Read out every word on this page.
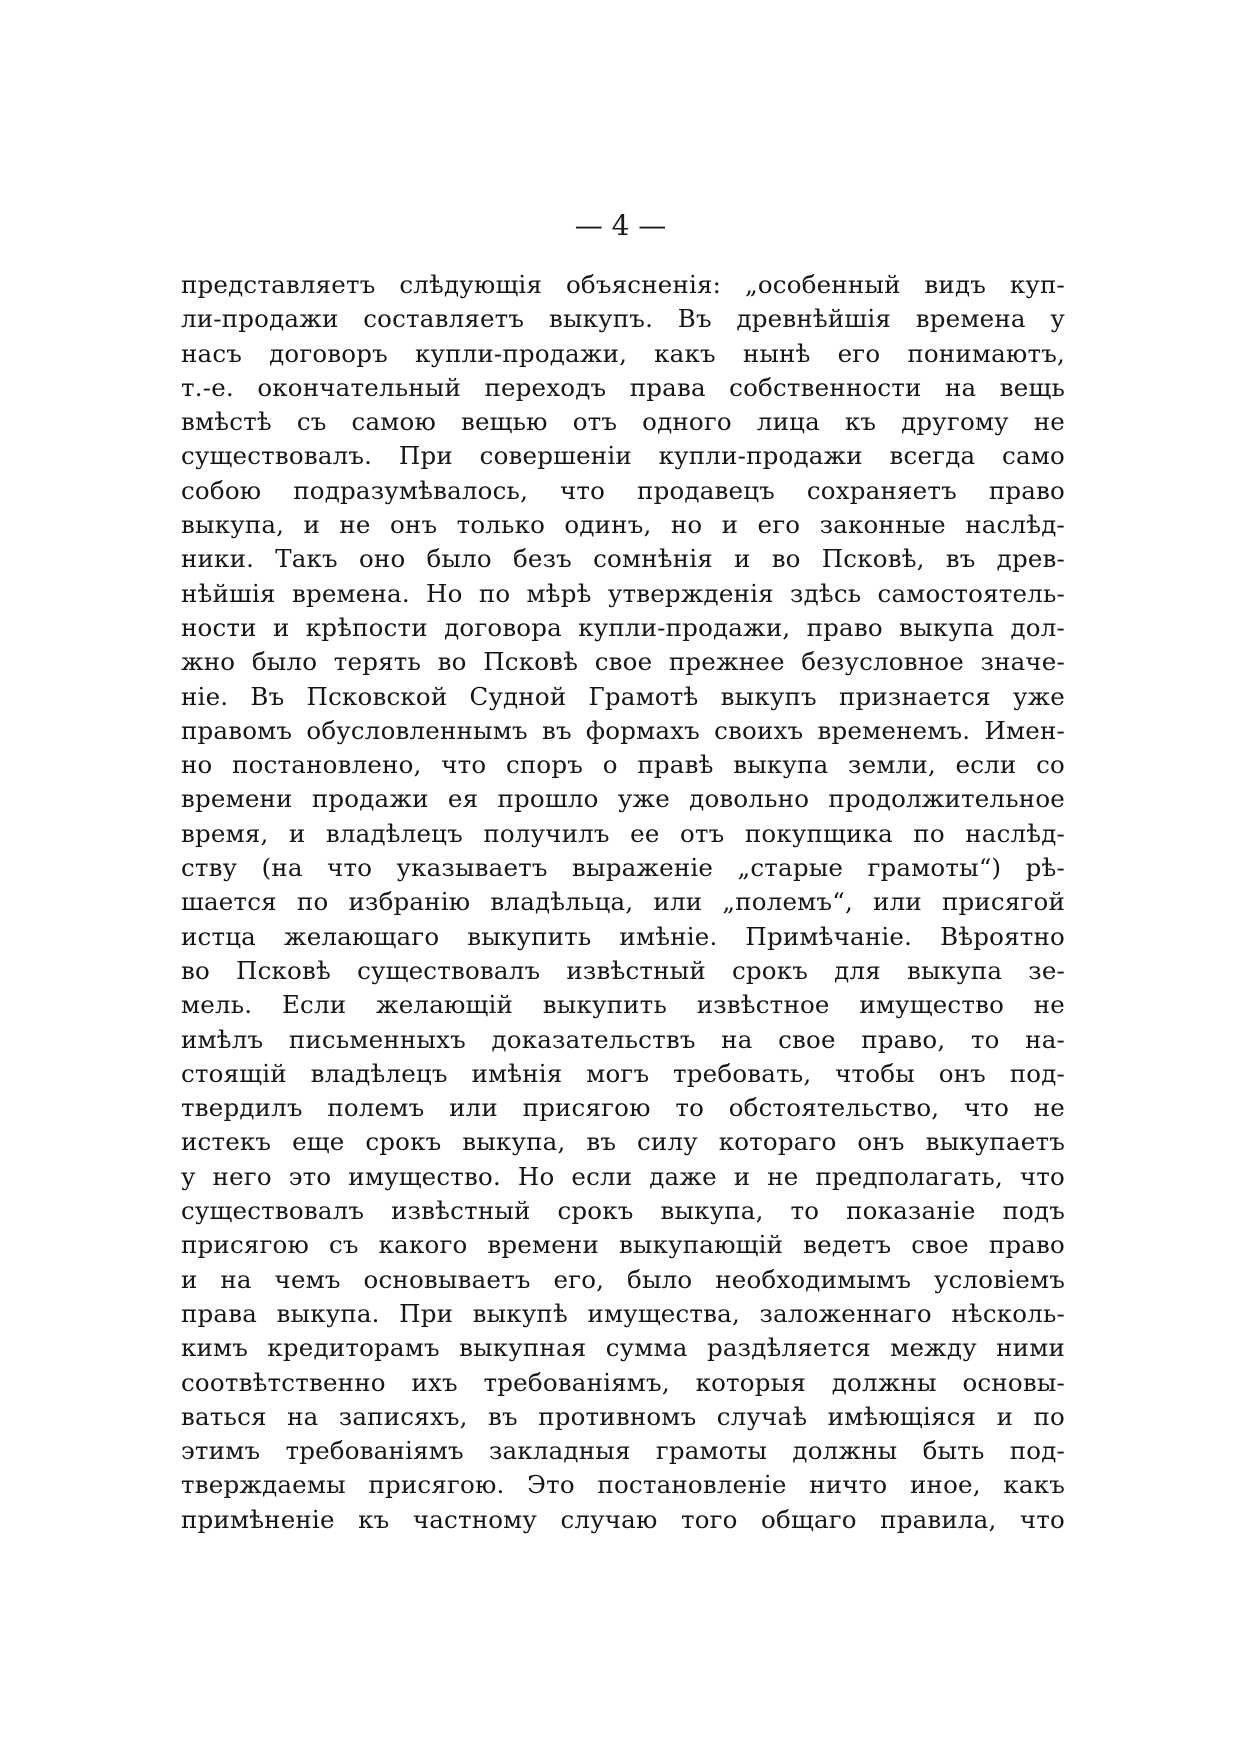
— 4 —
представляетъ слѣдующія объясненія: „особенный видъ куп-
ли-продажи составляетъ выкупъ. Въ древнѣйшія времена у
насъ договоръ купли-продажи, какъ нынѣ его понимаютъ,
т.-е. окончательный переходъ права собственности на вещь
вмѣстѣ съ самою вещью отъ одного лица къ другому не
существовалъ. При совершеніи купли-продажи всегда само
собою подразумѣвалось, что продавецъ сохраняетъ право
выкупа, и не онъ только одинъ, но и его законные наслѣд-
ники. Такъ оно было безъ сомнѣнія и во Псковѣ, въ древ-
нѣйшія времена. Но по мѣрѣ утвержденія здѣсь самостоятель-
ности и крѣпости договора купли-продажи, право выкупа дол-
жно было терять во Псковѣ свое прежнее безусловное значе-
ніе. Въ Псковской Судной Грамотѣ выкупъ признается уже
правомъ обусловленнымъ въ формахъ своихъ временемъ. Имен-
но постановлено, что споръ о правѣ выкупа земли, если со
времени продажи ея прошло уже довольно продолжительное
время, и владѣлецъ получилъ ее отъ покупщика по наслѣд-
ству (на что указываетъ выраженіе „старые грамоты“) рѣ-
шается по избранію владѣльца, или „полемъ“, или присягой
истца желающаго выкупить имѣніе. Примѣчаніе. Вѣроятно
во Псковѣ существовалъ извѣстный срокъ для выкупа зе-
мель. Если желающій выкупить извѣстное имущество не
имѣлъ письменныхъ доказательствъ на свое право, то на-
стоящій владѣлецъ имѣнія могъ требовать, чтобы онъ под-
твердилъ полемъ или присягою то обстоятельство, что не
истекъ еще срокъ выкупа, въ силу котораго онъ выкупаетъ
у него это имущество. Но если даже и не предполагать, что
существовалъ извѣстный срокъ выкупа, то показаніе подъ
присягою съ какого времени выкупающій ведетъ свое право
и на чемъ основываетъ его, было необходимымъ условіемъ
права выкупа. При выкупѣ имущества, заложеннаго нѣсколь-
кимъ кредиторамъ выкупная сумма раздѣляется между ними
соотвѣтственно ихъ требованіямъ, которыя должны основы-
ваться на записяхъ, въ противномъ случаѣ имѣющіяся и по
этимъ требованіямъ закладныя грамоты должны быть под-
тверждаемы присягою. Это постановленіе ничто иное, какъ
примѣненіе къ частному случаю того общаго правила, что
